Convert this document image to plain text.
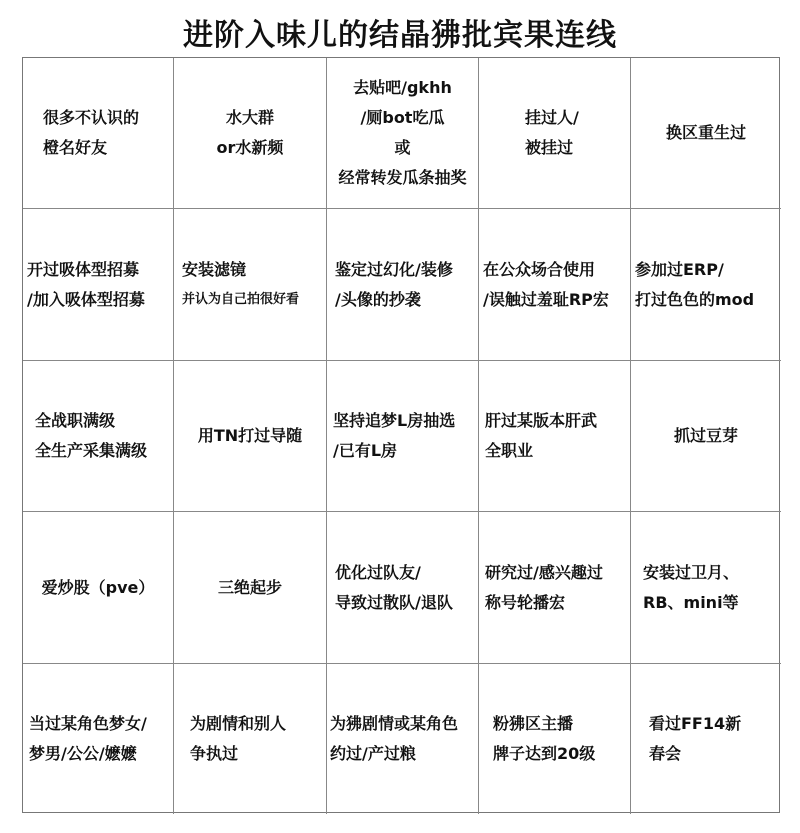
进阶入味儿的结晶狒批宾果连线
很多不认识的
橙名好友
水大群
or水新频
去贴吧/gkhh
/厕bot吃瓜
或
经常转发瓜条抽奖
挂过人/
被挂过
换区重生过
开过吸体型招募
/加入吸体型招募
安装滤镜
并认为自己拍很好看
鉴定过幻化/装修
/头像的抄袭
在公众场合使用
/误触过羞耻RP宏
参加过ERP/
打过色色的mod
全战职满级
全生产采集满级
用TN打过导随
坚持追梦L房抽选
/已有L房
肝过某版本肝武
全职业
抓过豆芽
爱炒股（pve）	三绝起步
优化过队友/
导致过散队/退队
研究过/感兴趣过
称号轮播宏
安装过卫月、
RB、mini等
当过某角色梦女/
梦男/公公/嬷嬷
为剧情和别人
争执过
为狒剧情或某角色
约过/产过粮
粉狒区主播
牌子达到20级
看过FF14新
春会
